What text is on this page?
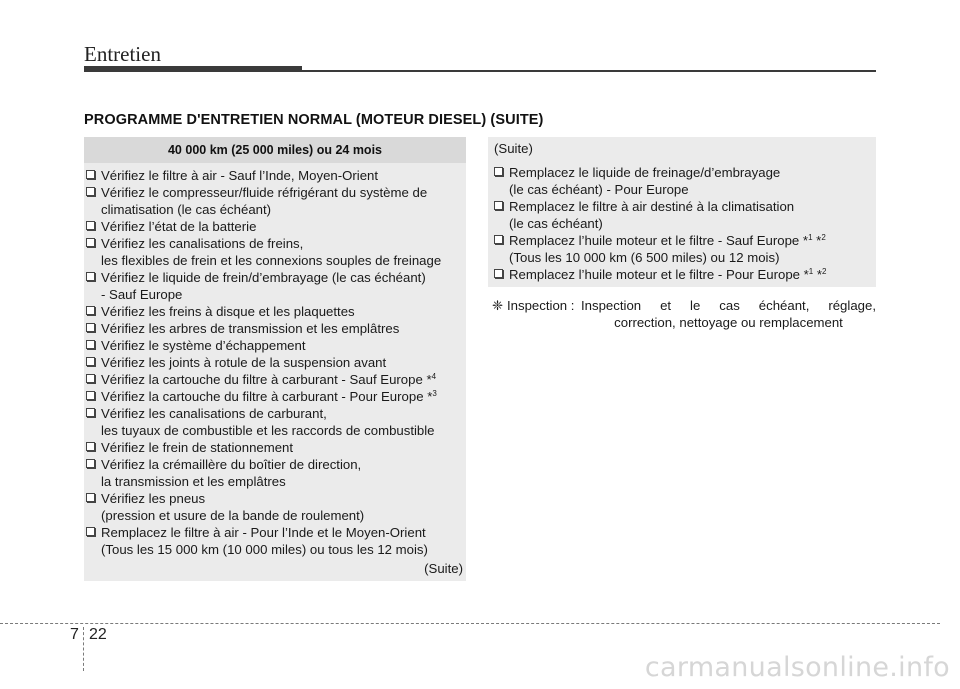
Entretien
PROGRAMME D'ENTRETIEN NORMAL (MOTEUR DIESEL) (SUITE)
40 000 km (25 000 miles) ou 24 mois
Vérifiez le filtre à air - Sauf l’Inde, Moyen-Orient
Vérifiez le compresseur/fluide réfrigérant du système de
climatisation (le cas échéant)
Vérifiez l’état de la batterie
Vérifiez les canalisations de freins,
les flexibles de frein et les connexions souples de freinage
Vérifiez le liquide de frein/d’embrayage (le cas échéant)
- Sauf Europe
Vérifiez les freins à disque et les plaquettes
Vérifiez les arbres de transmission et les emplâtres
Vérifiez le système d’échappement
Vérifiez les joints à rotule de la suspension avant
Vérifiez la cartouche du filtre à carburant - Sauf Europe *$^4$
Vérifiez la cartouche du filtre à carburant - Pour Europe *$^3$
Vérifiez les canalisations de carburant,
les tuyaux de combustible et les raccords de combustible
Vérifiez le frein de stationnement
Vérifiez la crémaillère du boîtier de direction,
la transmission et les emplâtres
Vérifiez les pneus
(pression et usure de la bande de roulement)
Remplacez le filtre à air - Pour l’Inde et le Moyen-Orient
(Tous les 15 000 km (10 000 miles) ou tous les 12 mois)
(Suite)
(Suite)
Remplacez le liquide de freinage/d’embrayage
(le cas échéant) - Pour Europe
Remplacez le filtre à air destiné à la climatisation
(le cas échéant)
Remplacez l’huile moteur et le filtre - Sauf Europe *$^1$ *$^2$
(Tous les 10 000 km (6 500 miles) ou 12 mois)
Remplacez l’huile moteur et le filtre - Pour Europe *$^1$ *$^2$
❈ Inspection : Inspection et le cas échéant, réglage,
correction, nettoyage ou remplacement
7 22
carmanualsonline.info
